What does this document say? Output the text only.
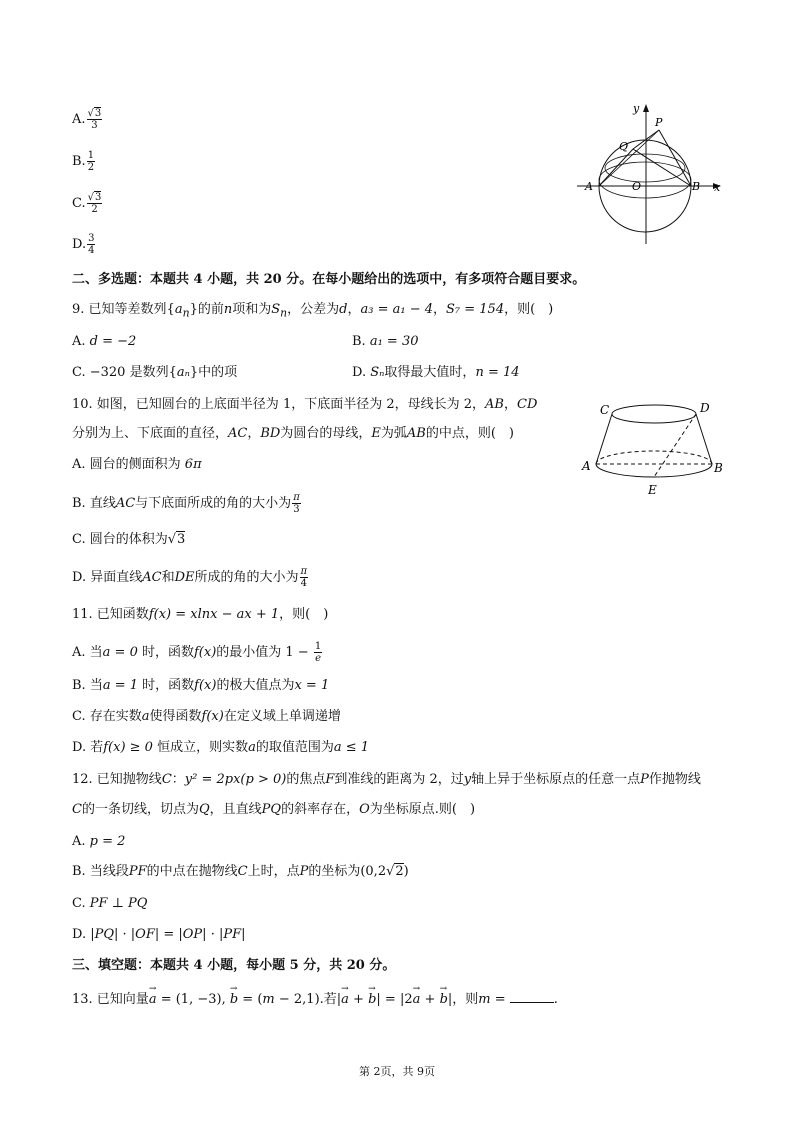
A. $\frac{√3}{3}$
B. $\frac{1}{2}$
C. $\frac{√3}{2}$
D. $\frac{3}{4}$
y
P
Q
A	O	B x
二、多选题：本题共 4 小题，共 20 分。在每小题给出的选项中，有多项符合题目要求。
9. 已知等差数列$\{a_n\}$的前n项和为$S_n$，公差为d，a₃ = a₁ − 4，S₇ = 154，则(　)
A. d = −2	B. a₁ = 30
C. −320 是数列{aₙ}中的项	D. Sₙ取得最大值时，n = 14
C	D
A	B
E
10. 如图，已知圆台的上底面半径为 1，下底面半径为 2，母线长为 2，AB，CD
分别为上、下底面的直径，AC，BD为圆台的母线，E为弧AB的中点，则(　)
A. 圆台的侧面积为 6π
B. 直线AC与下底面所成的角的大小为 $\frac{\pi}{3}$
C. 圆台的体积为√3
D. 异面直线AC和DE所成的角的大小为 $\frac{\pi}{4}$
11. 已知函数f(x) = xlnx − ax + 1，则(　)
A. 当a = 0 时，函数f(x)的最小值为 $1 - \frac{1}{e}$
B. 当a = 1 时，函数f(x)的极大值点为x = 1
C. 存在实数a使得函数f(x)在定义域上单调递增
D. 若f(x) ≥ 0 恒成立，则实数a的取值范围为a ≤ 1
12. 已知抛物线C：y² = 2px(p > 0)的焦点F到准线的距离为 2，过y轴上异于坐标原点的任意一点P作抛物线
C的一条切线，切点为Q，且直线PQ的斜率存在，O为坐标原点.则(　)
A. p = 2
B. 当线段PF的中点在抛物线C上时，点P的坐标为(0,2√2)
C. PF ⊥ PQ
D. |PQ| · |OF| = |OP| · |PF|
三、填空题：本题共 4 小题，每小题 5 分，共 20 分。
13. 已知向量→ a = (1, −3), → b = (m − 2,1).若|→ a + → b| = |2→ a + → b|，则m =	.
第 2页，共 9页
